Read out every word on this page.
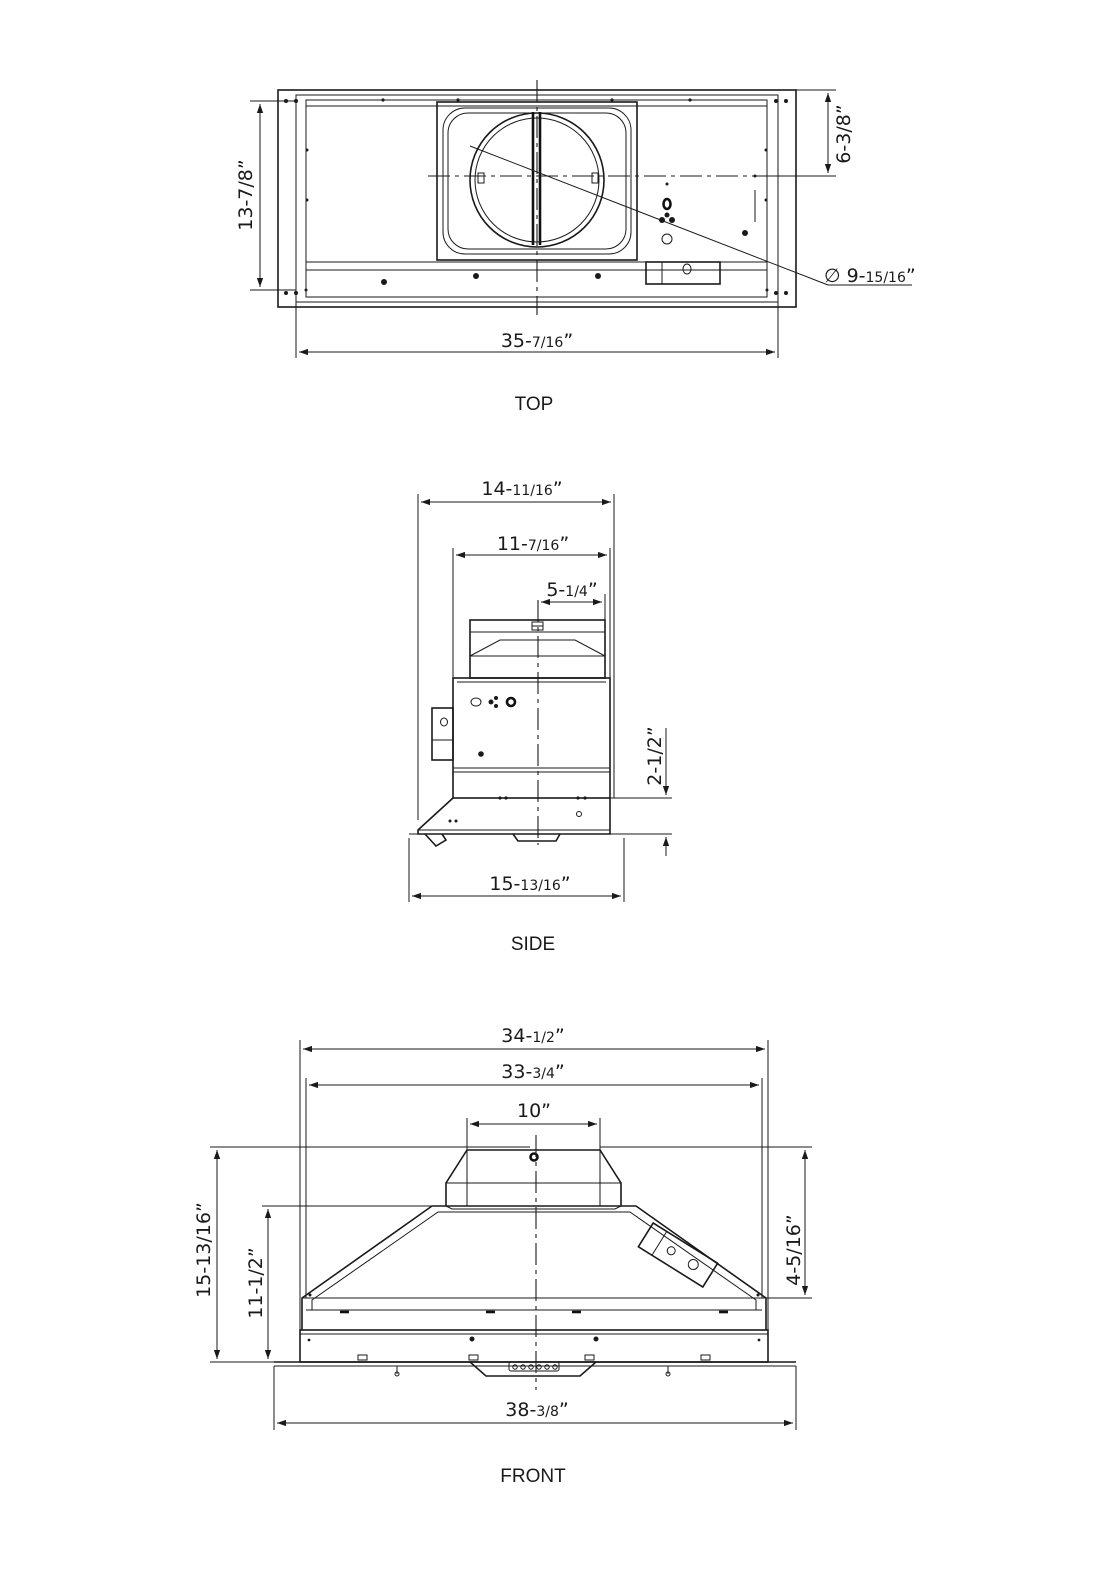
13-7/8”
35-7/16”
6-3/8”
∅ 9-15/16”
TOP
14-11/16”
11-7/16”
5-1/4”
2-1/2”
15-13/16”
SIDE
34-1/2”
33-3/4”
10”
15-13/16”
11-1/2”	4-5/16”
38-3/8”
FRONT
